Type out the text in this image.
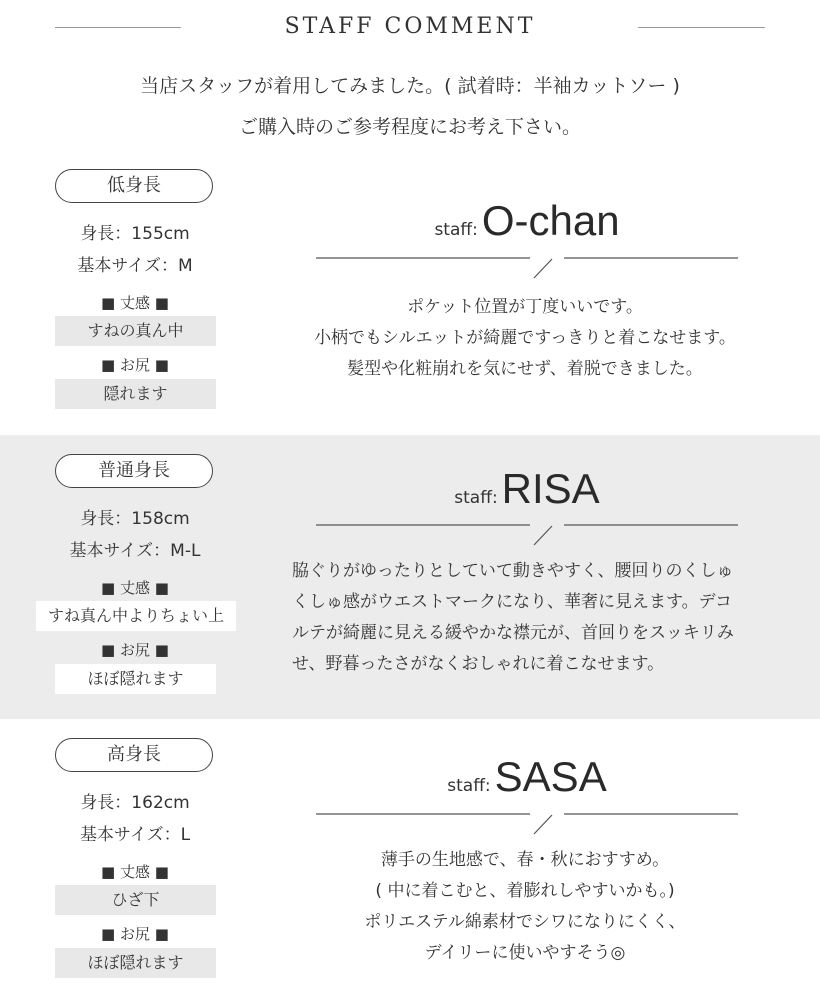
STAFF COMMENT
当店スタッフが着用してみました。( 試着時：半袖カットソー )
ご購入時のご参考程度にお考え下さい。
低身長
身長：155cm
基本サイズ：M
■ 丈感 ■
すねの真ん中
■ お尻 ■
隠れます
staff:O-chan

ポケット位置が丁度いいです。

小柄でもシルエットが綺麗ですっきりと着こなせます。

髪型や化粧崩れを気にせず、着脱できました。

普通身長
身長：158cm
基本サイズ：M-L
■ 丈感 ■
すね真ん中よりちょい上
■ お尻 ■
ほぼ隠れます
staff:RISA

脇ぐりがゆったりとしていて動きやすく、腰回りのくしゅ

くしゅ感がウエストマークになり、華奢に見えます。デコ

ルテが綺麗に見える緩やかな襟元が、首回りをスッキリみ

せ、野暮ったさがなくおしゃれに着こなせます。

高身長
身長：162cm
基本サイズ：L
■ 丈感 ■
ひざ下
■ お尻 ■
ほぼ隠れます
staff:SASA

薄手の生地感で、春・秋におすすめ。

( 中に着こむと、着膨れしやすいかも。)

ポリエステル綿素材でシワになりにくく、

デイリーに使いやすそう◎
